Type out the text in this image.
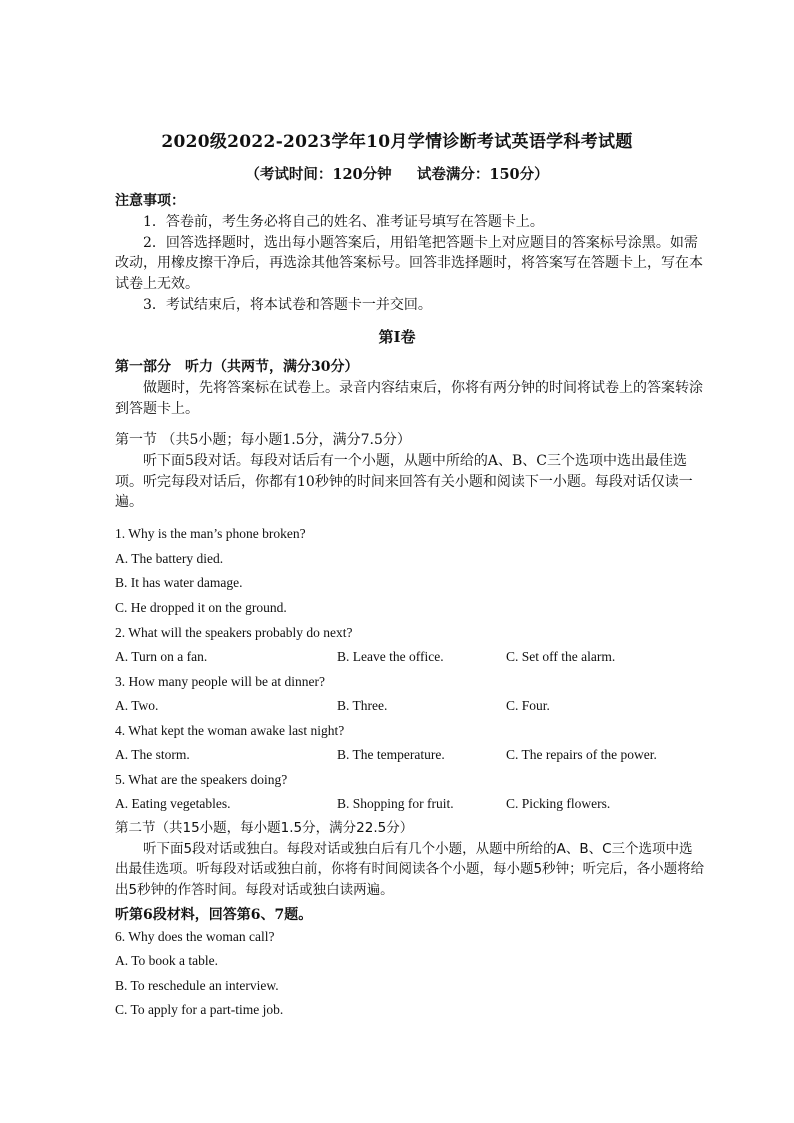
2020级2022-2023学年10月学情诊断考试英语学科考试题
（考试时间：120分钟     试卷满分：150分）
注意事项：
1．答卷前，考生务必将自己的姓名、准考证号填写在答题卡上。
2．回答选择题时，选出每小题答案后，用铅笔把答题卡上对应题目的答案标号涂黑。如需改动，用橡皮擦干净后，再选涂其他答案标号。回答非选择题时，将答案写在答题卡上，写在本试卷上无效。
3．考试结束后，将本试卷和答题卡一并交回。
第Ⅰ卷
第一部分　听力（共两节，满分30分）
做题时，先将答案标在试卷上。录音内容结束后，你将有两分钟的时间将试卷上的答案转涂到答题卡上。
第一节 （共5小题；每小题1.5分，满分7.5分）
听下面5段对话。每段对话后有一个小题，从题中所给的A、B、C三个选项中选出最佳选项。听完每段对话后，你都有10秒钟的时间来回答有关小题和阅读下一小题。每段对话仅读一遍。
1. Why is the man’s phone broken?
A. The battery died.
B. It has water damage.
C. He dropped it on the ground.
2. What will the speakers probably do next?
A. Turn on a fan.	B. Leave the office.	C. Set off the alarm.
3. How many people will be at dinner?
A. Two.	B. Three.	C. Four.
4. What kept the woman awake last night?
A. The storm.	B. The temperature.	C. The repairs of the power.
5. What are the speakers doing?
A. Eating vegetables.	B. Shopping for fruit.	C. Picking flowers.
第二节（共15小题，每小题1.5分，满分22.5分）
听下面5段对话或独白。每段对话或独白后有几个小题，从题中所给的A、B、C三个选项中选出最佳选项。听每段对话或独白前，你将有时间阅读各个小题，每小题5秒钟；听完后，各小题将给出5秒钟的作答时间。每段对话或独白读两遍。
听第6段材料，回答第6、7题。
6. Why does the woman call?
A. To book a table.
B. To reschedule an interview.
C. To apply for a part-time job.
